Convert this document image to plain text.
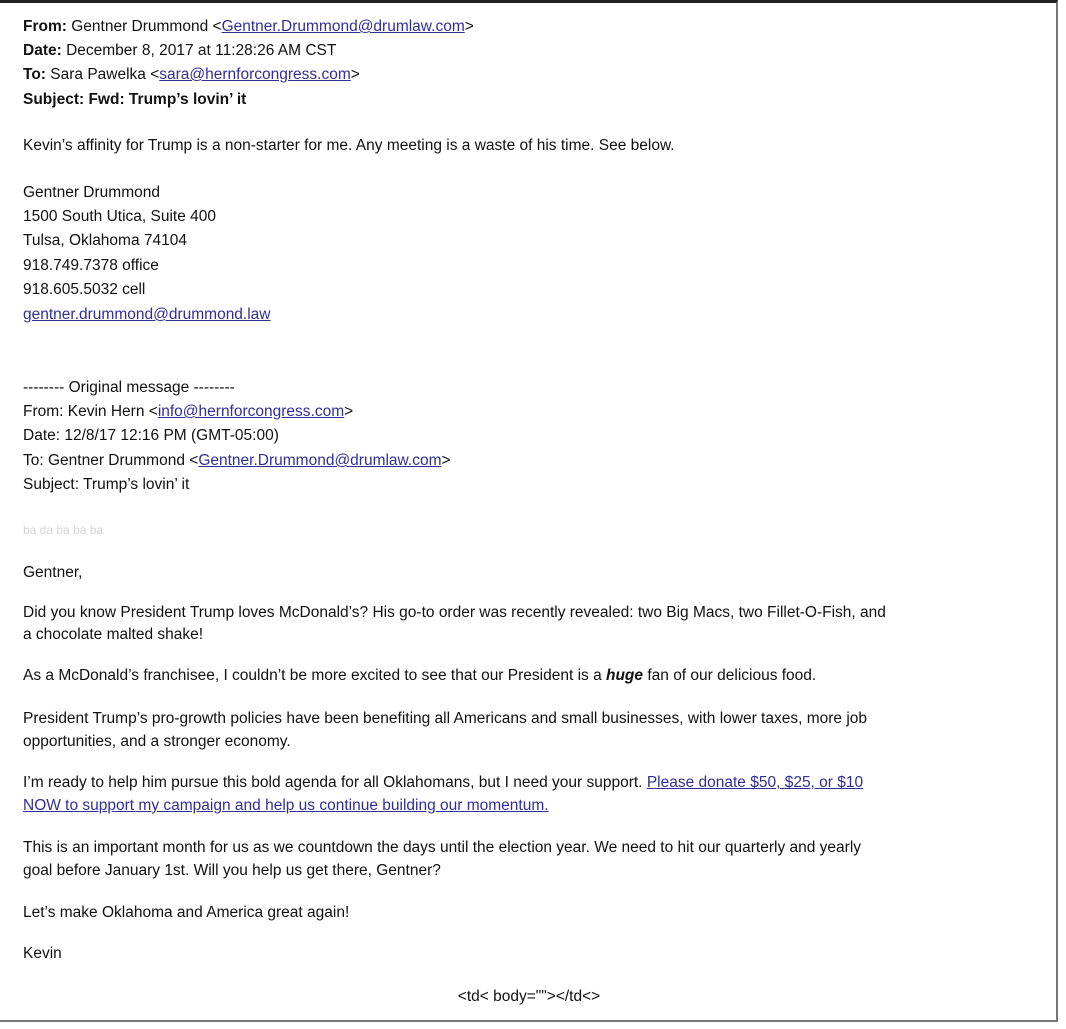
From: Gentner Drummond <Gentner.Drummond@drumlaw.com>
Date: December 8, 2017 at 11:28:26 AM CST
To: Sara Pawelka <sara@hernforcongress.com>
Subject: Fwd: Trump’s lovin’ it
Kevin’s affinity for Trump is a non-starter for me. Any meeting is a waste of his time. See below.
Gentner Drummond
1500 South Utica, Suite 400
Tulsa, Oklahoma 74104
918.749.7378 office
918.605.5032 cell
gentner.drummond@drummond.law
-------- Original message --------
From: Kevin Hern <info@hernforcongress.com>
Date: 12/8/17 12:16 PM (GMT-05:00)
To: Gentner Drummond <Gentner.Drummond@drumlaw.com>
Subject: Trump’s lovin’ it
ba da ba ba ba
Gentner,
Did you know President Trump loves McDonald’s? His go-to order was recently revealed: two Big Macs, two Fillet-O-Fish, and
a chocolate malted shake!
As a McDonald’s franchisee, I couldn’t be more excited to see that our President is a huge fan of our delicious food.
President Trump’s pro-growth policies have been benefiting all Americans and small businesses, with lower taxes, more job
opportunities, and a stronger economy.
I’m ready to help him pursue this bold agenda for all Oklahomans, but I need your support. Please donate $50, $25, or $10
NOW to support my campaign and help us continue building our momentum.
This is an important month for us as we countdown the days until the election year. We need to hit our quarterly and yearly
goal before January 1st. Will you help us get there, Gentner?
Let’s make Oklahoma and America great again!
Kevin
<td< body=""></td<>
